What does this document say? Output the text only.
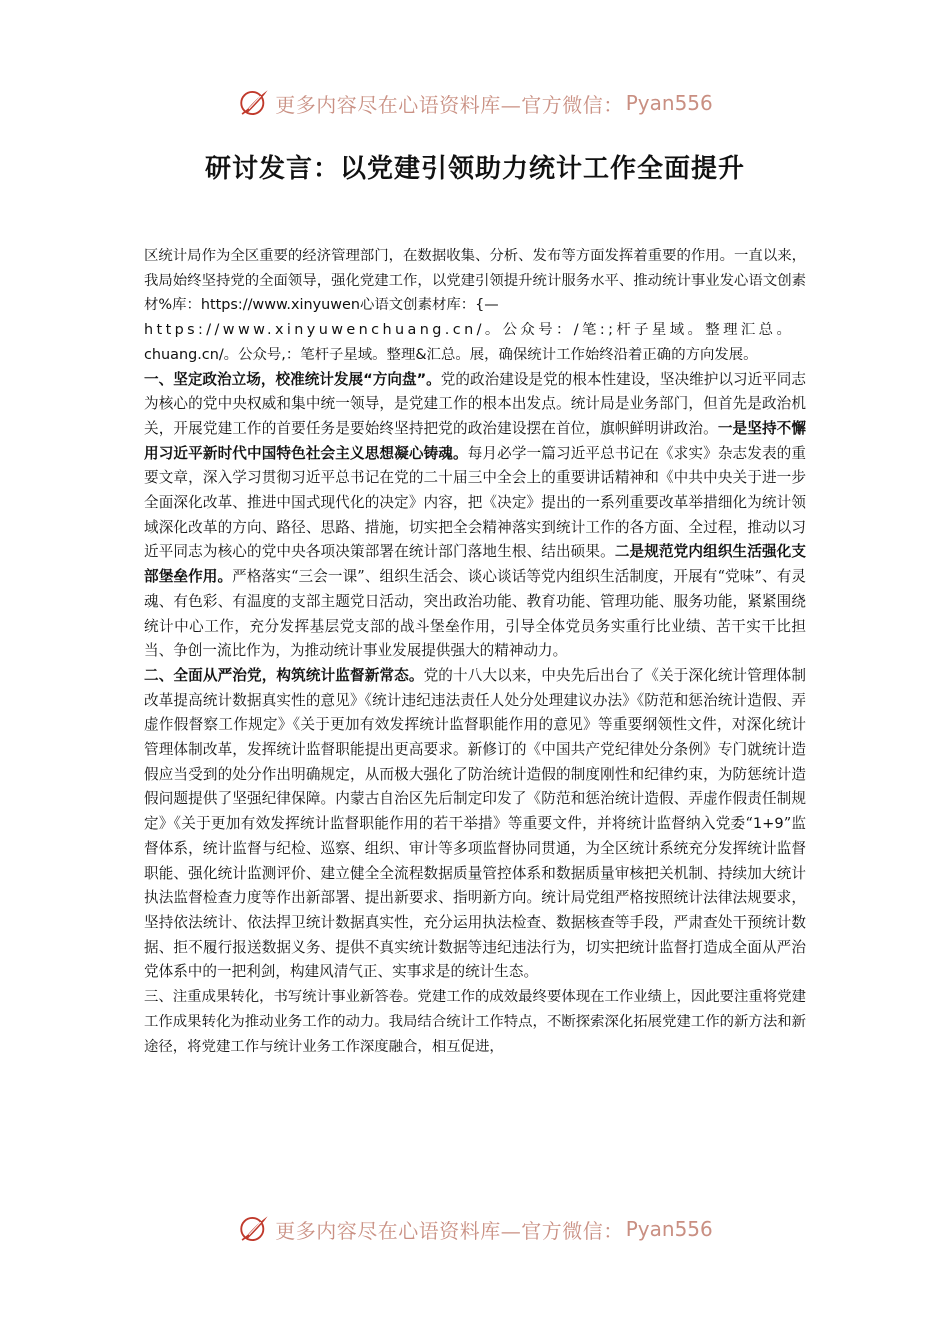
更多内容尽在心语资料库—官方微信： Pyan556
研讨发言：以党建引领助力统计工作全面提升

区统计局作为全区重要的经济管理部门，在数据收集、分析、发布等方面发挥着重要的作用。一直以来，我局始终坚持党的全面领导，强化党建工作，以党建引领提升统计服务水平、推动统计事业发心语文创素材%库：https://www.xinyuwen心语文创素材库：{—
https://www.xinyuwenchuang.cn/。公众号：/笔:;杆子星域。整理汇总。
chuang.cn/。公众号,：笔杆子星域。整理&汇总。展，确保统计工作始终沿着正确的方向发展。

一、坚定政治立场，校准统计发展“方向盘”。党的政治建设是党的根本性建设，坚决维护以习近平同志为核心的党中央权威和集中统一领导，是党建工作的根本出发点。统计局是业务部门，但首先是政治机关，开展党建工作的首要任务是要始终坚持把党的政治建设摆在首位，旗帜鲜明讲政治。一是坚持不懈用习近平新时代中国特色社会主义思想凝心铸魂。每月必学一篇习近平总书记在《求实》杂志发表的重要文章，深入学习贯彻习近平总书记在党的二十届三中全会上的重要讲话精神和《中共中央关于进一步全面深化改革、推进中国式现代化的决定》内容，把《决定》提出的一系列重要改革举措细化为统计领域深化改革的方向、路径、思路、措施，切实把全会精神落实到统计工作的各方面、全过程，推动以习近平同志为核心的党中央各项决策部署在统计部门落地生根、结出硕果。二是规范党内组织生活强化支部堡垒作用。严格落实“三会一课”、组织生活会、谈心谈话等党内组织生活制度，开展有“党味”、有灵魂、有色彩、有温度的支部主题党日活动，突出政治功能、教育功能、管理功能、服务功能，紧紧围绕统计中心工作，充分发挥基层党支部的战斗堡垒作用，引导全体党员务实重行比业绩、苦干实干比担当、争创一流比作为，为推动统计事业发展提供强大的精神动力。

二、全面从严治党，构筑统计监督新常态。党的十八大以来，中央先后出台了《关于深化统计管理体制改革提高统计数据真实性的意见》《统计违纪违法责任人处分处理建议办法》《防范和惩治统计造假、弄虚作假督察工作规定》《关于更加有效发挥统计监督职能作用的意见》等重要纲领性文件，对深化统计管理体制改革，发挥统计监督职能提出更高要求。新修订的《中国共产党纪律处分条例》专门就统计造假应当受到的处分作出明确规定，从而极大强化了防治统计造假的制度刚性和纪律约束，为防惩统计造假问题提供了坚强纪律保障。内蒙古自治区先后制定印发了《防范和惩治统计造假、弄虚作假责任制规定》《关于更加有效发挥统计监督职能作用的若干举措》等重要文件，并将统计监督纳入党委“1+9”监督体系，统计监督与纪检、巡察、组织、审计等多项监督协同贯通，为全区统计系统充分发挥统计监督职能、强化统计监测评价、建立健全全流程数据质量管控体系和数据质量审核把关机制、持续加大统计执法监督检查力度等作出新部署、提出新要求、指明新方向。统计局党组严格按照统计法律法规要求，坚持依法统计、依法捍卫统计数据真实性，充分运用执法检查、数据核查等手段，严肃查处干预统计数据、拒不履行报送数据义务、提供不真实统计数据等违纪违法行为，切实把统计监督打造成全面从严治党体系中的一把利剑，构建风清气正、实事求是的统计生态。

三、注重成果转化，书写统计事业新答卷。党建工作的成效最终要体现在工作业绩上，因此要注重将党建工作成果转化为推动业务工作的动力。我局结合统计工作特点，不断探索深化拓展党建工作的新方法和新途径，将党建工作与统计业务工作深度融合，相互促进，

更多内容尽在心语资料库—官方微信： Pyan556
